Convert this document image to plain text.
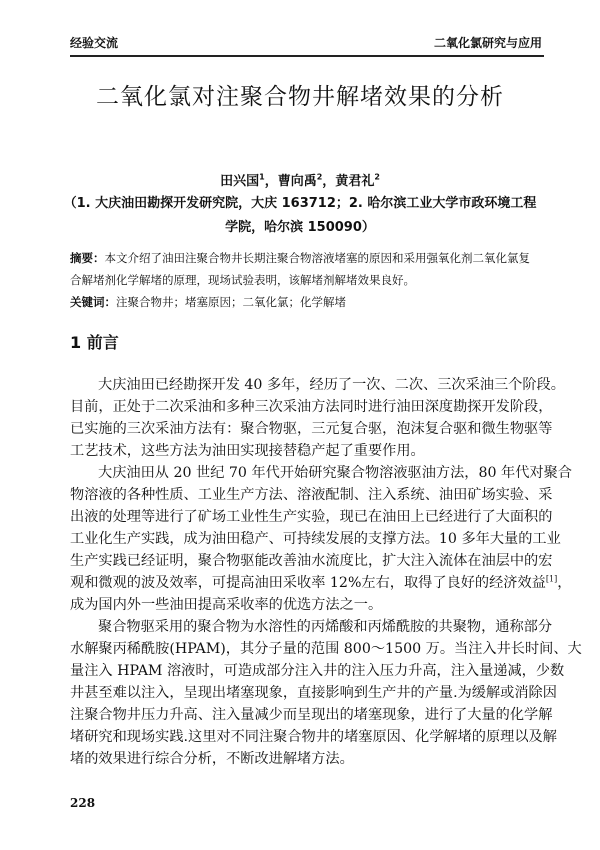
经验交流	二氧化氯研究与应用
二氧化氯对注聚合物井解堵效果的分析
田兴国$^1$，曹向禹$^2$，黄君礼$^2$
（1. 大庆油田勘探开发研究院，大庆 163712；2. 哈尔滨工业大学市政环境工程
学院，哈尔滨 150090）
摘要：本文介绍了油田注聚合物井长期注聚合物溶液堵塞的原因和采用强氧化剂二氧化氯复
合解堵剂化学解堵的原理，现场试验表明，该解堵剂解堵效果良好。
关键词：注聚合物井；堵塞原因；二氧化氯；化学解堵
1 前言
大庆油田已经勘探开发 40 多年，经历了一次、二次、三次采油三个阶段。
目前，正处于二次采油和多种三次采油方法同时进行油田深度勘探开发阶段，
已实施的三次采油方法有：聚合物驱，三元复合驱，泡沫复合驱和微生物驱等
工艺技术，这些方法为油田实现接替稳产起了重要作用。
大庆油田从 20 世纪 70 年代开始研究聚合物溶液驱油方法，80 年代对聚合
物溶液的各种性质、工业生产方法、溶液配制、注入系统、油田矿场实验、采
出液的处理等进行了矿场工业性生产实验，现已在油田上已经进行了大面积的
工业化生产实践，成为油田稳产、可持续发展的支撑方法。10 多年大量的工业
生产实践已经证明，聚合物驱能改善油水流度比，扩大注入流体在油层中的宏
观和微观的波及效率，可提高油田采收率 12%左右，取得了良好的经济效益[1]，
成为国内外一些油田提高采收率的优选方法之一。
聚合物驱采用的聚合物为水溶性的丙烯酸和丙烯酰胺的共聚物，通称部分
水解聚丙稀酰胺(HPAM)，其分子量的范围 800～1500 万。当注入井长时间、大
量注入 HPAM 溶液时，可造成部分注入井的注入压力升高，注入量递减，少数
井甚至难以注入，呈现出堵塞现象，直接影响到生产井的产量.为缓解或消除因
注聚合物井压力升高、注入量减少而呈现出的堵塞现象，进行了大量的化学解
堵研究和现场实践.这里对不同注聚合物井的堵塞原因、化学解堵的原理以及解
堵的效果进行综合分析，不断改进解堵方法。
228
